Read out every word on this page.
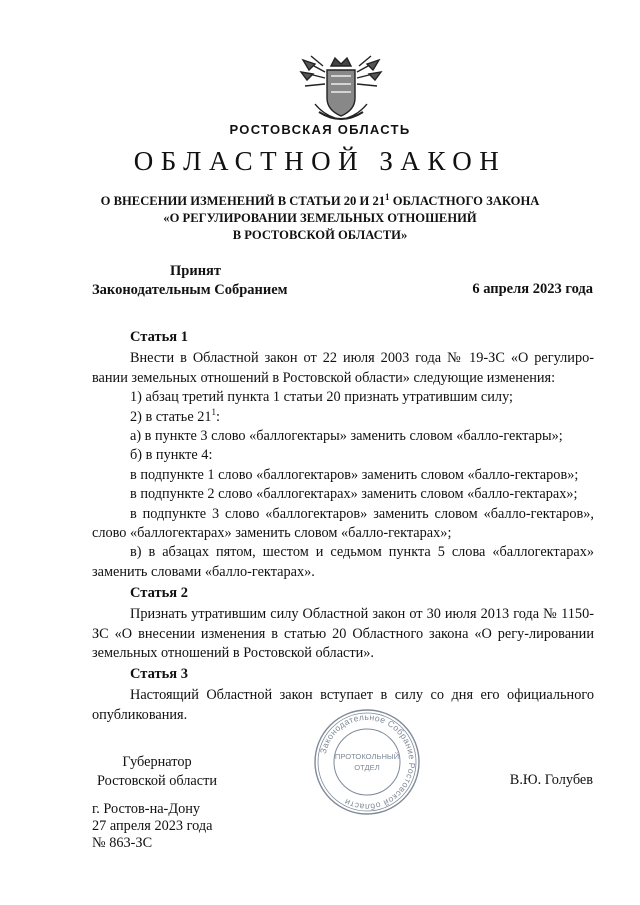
РОСТОВСКАЯ ОБЛАСТЬ
ОБЛАСТНОЙ ЗАКОН
О ВНЕСЕНИИ ИЗМЕНЕНИЙ В СТАТЬИ 20 И $21^1$ ОБЛАСТНОГО ЗАКОНА
«О РЕГУЛИРОВАНИИ ЗЕМЕЛЬНЫХ ОТНОШЕНИЙ
В РОСТОВСКОЙ ОБЛАСТИ»
Принят
Законодательным Собранием	6 апреля 2023 года
Статья 1

Внести в Областной закон от 22 июля 2003 года № 19-ЗС «О регулиро-вании земельных отношений в Ростовской области» следующие изменения:

1) абзац третий пункта 1 статьи 20 признать утратившим силу;

2) в статье $21^1$:

а) в пункте 3 слово «баллогектары» заменить словом «балло-гектары»;

б) в пункте 4:

в подпункте 1 слово «баллогектаров» заменить словом «балло-гектаров»;

в подпункте 2 слово «баллогектарах» заменить словом «балло-гектарах»;

в подпункте 3 слово «баллогектаров» заменить словом «балло-гектаров», слово «баллогектарах» заменить словом «балло-гектарах»;

в) в абзацах пятом, шестом и седьмом пункта 5 слова «баллогектарах» заменить словами «балло-гектарах».

Статья 2

Признать утратившим силу Областной закон от 30 июля 2013 года № 1150-ЗС «О внесении изменения в статью 20 Областного закона «О регу-лировании земельных отношений в Ростовской области».

Статья 3

Настоящий Областной закон вступает в силу со дня его официального опубликования.

Губернатор
Ростовской области	В.Ю. Голубев
Законодательное Собрание Ростовской области
ПРОТОКОЛЬНЫЙ
ОТДЕЛ
г. Ростов-на-Дону
27 апреля 2023 года
№ 863-ЗС
